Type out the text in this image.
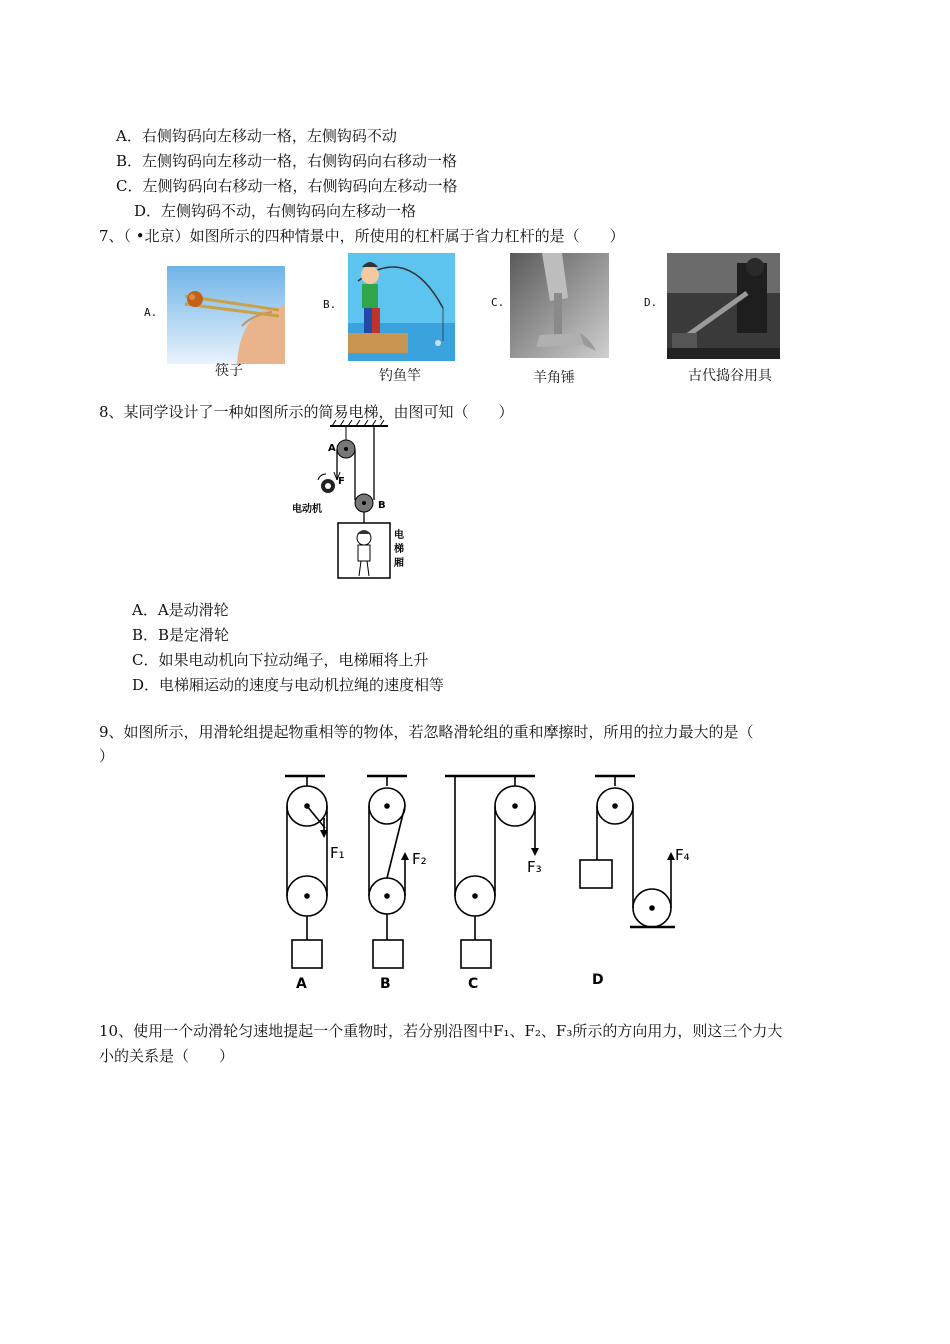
A．右侧钩码向左移动一格，左侧钩码不动
B．左侧钩码向左移动一格，右侧钩码向右移动一格
C．左侧钩码向右移动一格，右侧钩码向左移动一格
D．左侧钩码不动，右侧钩码向左移动一格
7、（ •北京）如图所示的四种情景中，所使用的杠杆属于省力杠杆的是（　　）
A.
筷子
B.
钓鱼竿
C.
羊角锤
D.
古代捣谷用具
8、某同学设计了一种如图所示的简易电梯，由图可知（　　）
A
F
B
电动机
电
梯
厢
A．A是动滑轮
B．B是定滑轮
C．如果电动机向下拉动绳子，电梯厢将上升
D．电梯厢运动的速度与电动机拉绳的速度相等
9、如图所示，用滑轮组提起物重相等的物体，若忽略滑轮组的重和摩擦时，所用的拉力最大的是（
）
F₁	F₂	F₃
F₄
A	B	C	D
10、使用一个动滑轮匀速地提起一个重物时，若分别沿图中F₁、F₂、F₃所示的方向用力，则这三个力大
小的关系是（　　）
